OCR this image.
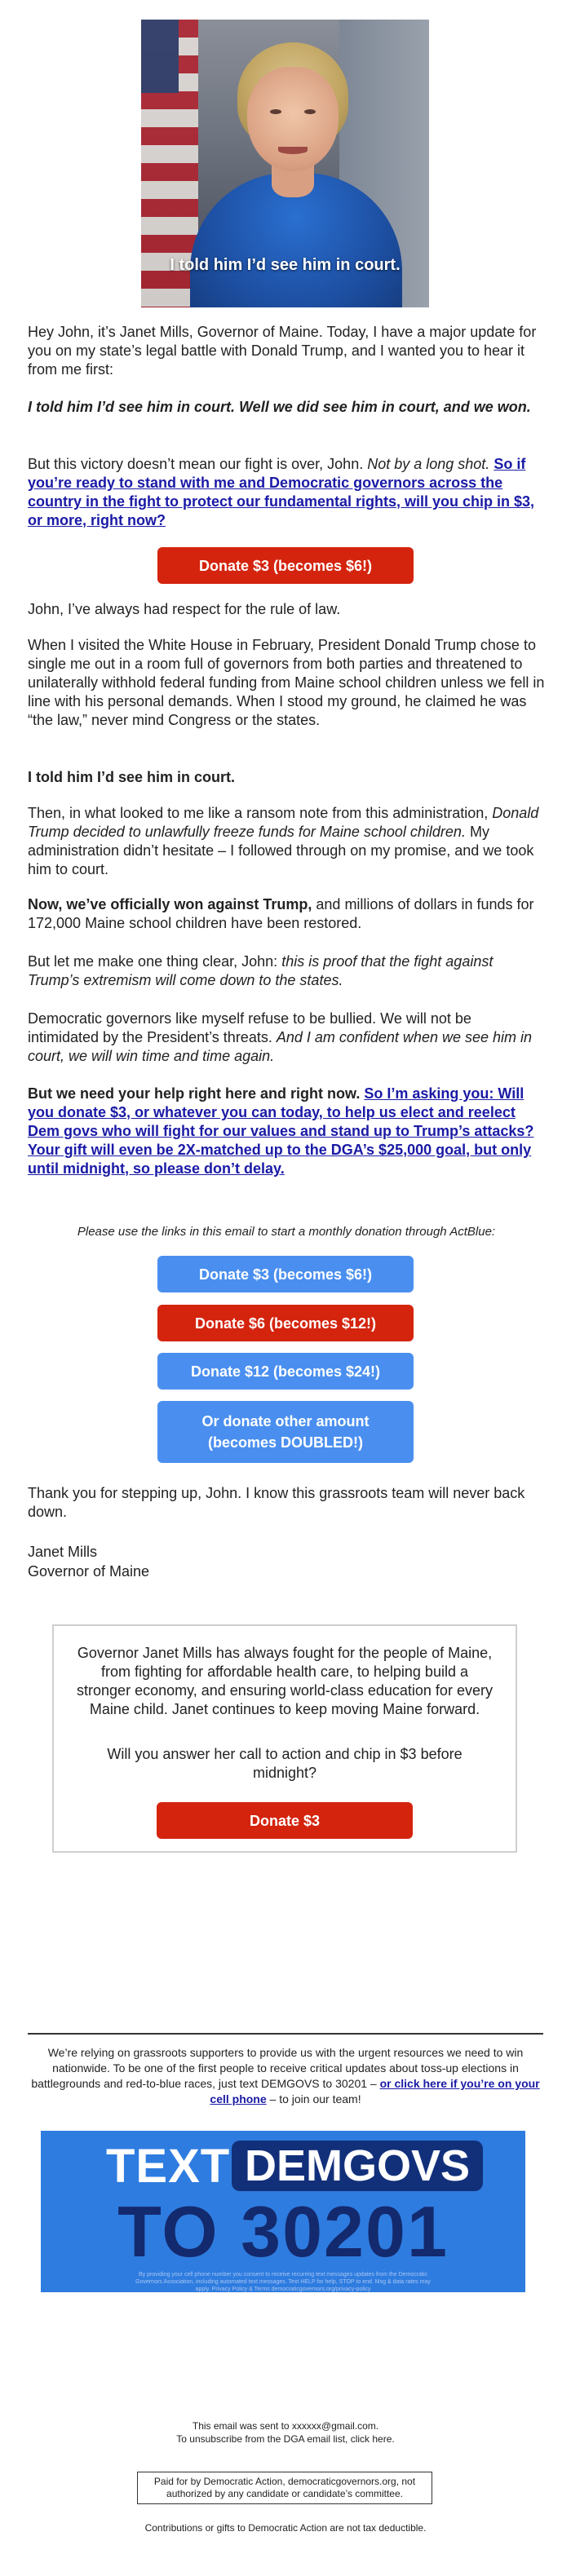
I told him I’d see him in court.

Hey John, it’s Janet Mills, Governor of Maine. Today, I have a major update for you on my state’s legal battle with Donald Trump, and I wanted you to hear it from me first:

I told him I’d see him in court. Well we did see him in court, and we won.

But this victory doesn’t mean our fight is over, John. Not by a long shot. So if you’re ready to stand with me and Democratic governors across the country in the fight to protect our fundamental rights, will you chip in $3, or more, right now?

Donate $3 (becomes $6!)

John, I’ve always had respect for the rule of law.

When I visited the White House in February, President Donald Trump chose to single me out in a room full of governors from both parties and threatened to unilaterally withhold federal funding from Maine school children unless we fell in line with his personal demands. When I stood my ground, he claimed he was “the law,” never mind Congress or the states.

I told him I’d see him in court.

Then, in what looked to me like a ransom note from this administration, Donald Trump decided to unlawfully freeze funds for Maine school children. My administration didn’t hesitate – I followed through on my promise, and we took him to court.

Now, we’ve officially won against Trump, and millions of dollars in funds for 172,000 Maine school children have been restored.

But let me make one thing clear, John: this is proof that the fight against Trump’s extremism will come down to the states.

Democratic governors like myself refuse to be bullied. We will not be intimidated by the President’s threats. And I am confident when we see him in court, we will win time and time again.

But we need your help right here and right now. So I’m asking you: Will you donate $3, or whatever you can today, to help us elect and reelect Dem govs who will fight for our values and stand up to Trump’s attacks? Your gift will even be 2X-matched up to the DGA’s $25,000 goal, but only until midnight, so please don’t delay.

Please use the links in this email to start a monthly donation through ActBlue:

Donate $3 (becomes $6!)
Donate $6 (becomes $12!)
Donate $12 (becomes $24!)
Or donate other amount (becomes DOUBLED!)

Thank you for stepping up, John. I know this grassroots team will never back down.

Janet Mills

Governor of Maine

Governor Janet Mills has always fought for the people of Maine, from fighting for affordable health care, to helping build a stronger economy, and ensuring world-class education for every Maine child. Janet continues to keep moving Maine forward.

Will you answer her call to action and chip in $3 before midnight?

Donate $3

We’re relying on grassroots supporters to provide us with the urgent resources we need to win nationwide. To be one of the first people to receive critical updates about toss-up elections in battlegrounds and red-to-blue races, just text DEMGOVS to 30201 – or click here if you’re on your cell phone – to join our team!

TEXT DEMGOVS
TO 30201
By providing your cell phone number you consent to receive recurring text messages updates from the Democratic Governors Association, including automated text messages. Text HELP for help, STOP to end. Msg & data rates may apply. Privacy Policy & Terms democraticgovernors.org/privacy-policy

This email was sent to xxxxxx@gmail.com.

To unsubscribe from the DGA email list, click here.

Paid for by Democratic Action, democraticgovernors.org, not authorized by any candidate or candidate’s committee.

Contributions or gifts to Democratic Action are not tax deductible.
